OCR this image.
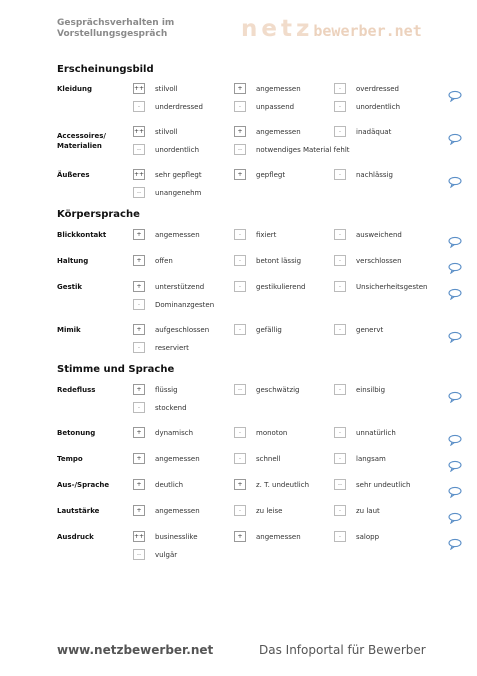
Gesprächsverhalten im
Vorstellungsgespräch	netz bewerber.net
Erscheinungsbild
Kleidung	++ stilvoll	+	angemessen	-	overdressed
-	underdressed	-	unpassend	-	unordentlich
Accessoires/
Materialien
++ stilvoll	+	angemessen	-	inadäquat
--	unordentlich	--	notwendiges Material fehlt
Äußeres	++ sehr gepflegt	+	gepflegt	-	nachlässig
--	unangenehm
Körpersprache
Blickkontakt	+	angemessen	-	fixiert	-	ausweichend
Haltung	+	offen	-	betont lässig	-	verschlossen
Gestik	+	unterstützend	-	gestikulierend	-	Unsicherheitsgesten
-	Dominanzgesten
Mimik	+	aufgeschlossen	-	gefällig	-	genervt
-	reserviert
Stimme und Sprache
Redefluss	+	flüssig	--	geschwätzig	-	einsilbig
-	stockend
Betonung	+	dynamisch	-	monoton	-	unnatürlich
Tempo	+	angemessen	-	schnell	-	langsam
Aus-/Sprache	+	deutlich	+	z. T. undeutlich	--	sehr undeutlich
Lautstärke	+	angemessen	-	zu leise	-	zu laut
Ausdruck	++ businesslike	+	angemessen	-	salopp
--	vulgär
www.netzbewerber.net	Das Infoportal für Bewerber
